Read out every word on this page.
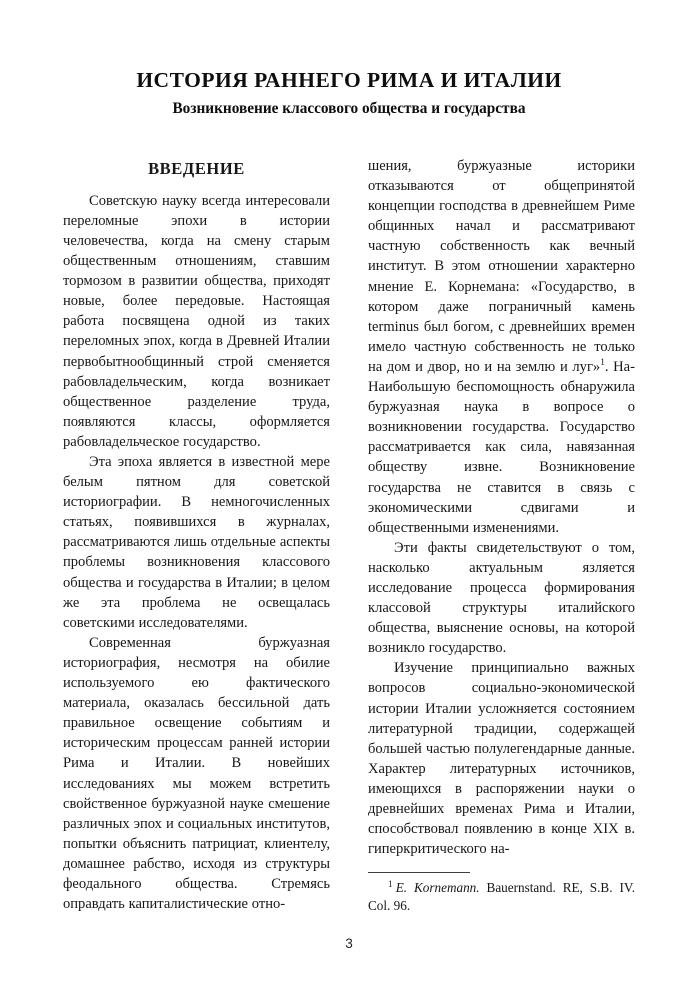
ИСТОРИЯ РАННЕГО РИМА И ИТАЛИИ
Возникновение классового общества и государства
ВВЕДЕНИЕ

Советскую науку всегда интересовали переломные эпохи в истории человечества, когда на смену старым общественным отношениям, ставшим тормозом в развитии общества, приходят новые, более передовые. Настоящая работа посвящена одной из таких переломных эпох, когда в Древней Италии первобытнообщинный строй сменяется рабовладельческим, когда возникает общественное разделение труда, появляются классы, оформляется рабовладельческое государство.

Эта эпоха является в известной мере белым пятном для советской историографии. В немногочисленных статьях, появившихся в журналах, рассматриваются лишь отдельные аспекты проблемы возникновения классового общества и государства в Италии; в целом же эта проблема не освещалась советскими исследователями.

Современная буржуазная историография, несмотря на обилие используемого ею фактического материала, оказалась бессильной дать правильное освещение событиям и историческим процессам ранней истории Рима и Италии. В новейших исследованиях мы можем встретить свойственное буржуазной науке смешение различных эпох и социальных институтов, попытки объяснить патрициат, клиентелу, домашнее рабство, исходя из структуры феодального общества. Стремясь оправдать капиталистические отно-

шения, буржуазные историки отказываются от общепринятой концепции господства в древнейшем Риме общинных начал и рассматривают частную собственность как вечный институт. В этом отношении характерно мнение Е. Корнемана: «Государство, в котором даже пограничный камень terminus был богом, с древнейших времен имело частную собственность не только на дом и двор, но и на землю и луг»$^1$. На-Наибольшую беспомощность обнаружила буржуазная наука в вопросе о возникновении государства. Государство рассматривается как сила, навязанная обществу извне. Возникновение государства не ставится в связь с экономическими сдвигами и общественными изменениями.

Эти факты свидетельствуют о том, насколько актуальным язляется исследование процесса формирования классовой структуры италийского общества, выяснение основы, на которой возникло государство.

Изучение принципиально важных вопросов социально-экономической истории Италии усложняется состоянием литературной традиции, содержащей большей частью полулегендарные данные. Характер литературных источников, имеющихся в распоряжении науки о древнейших временах Рима и Италии, способствовал появлению в конце XIX в. гиперкритического на-

$^1$ E. Kornemann. Bauernstand. RE, S.B. IV. Col. 96.

3
